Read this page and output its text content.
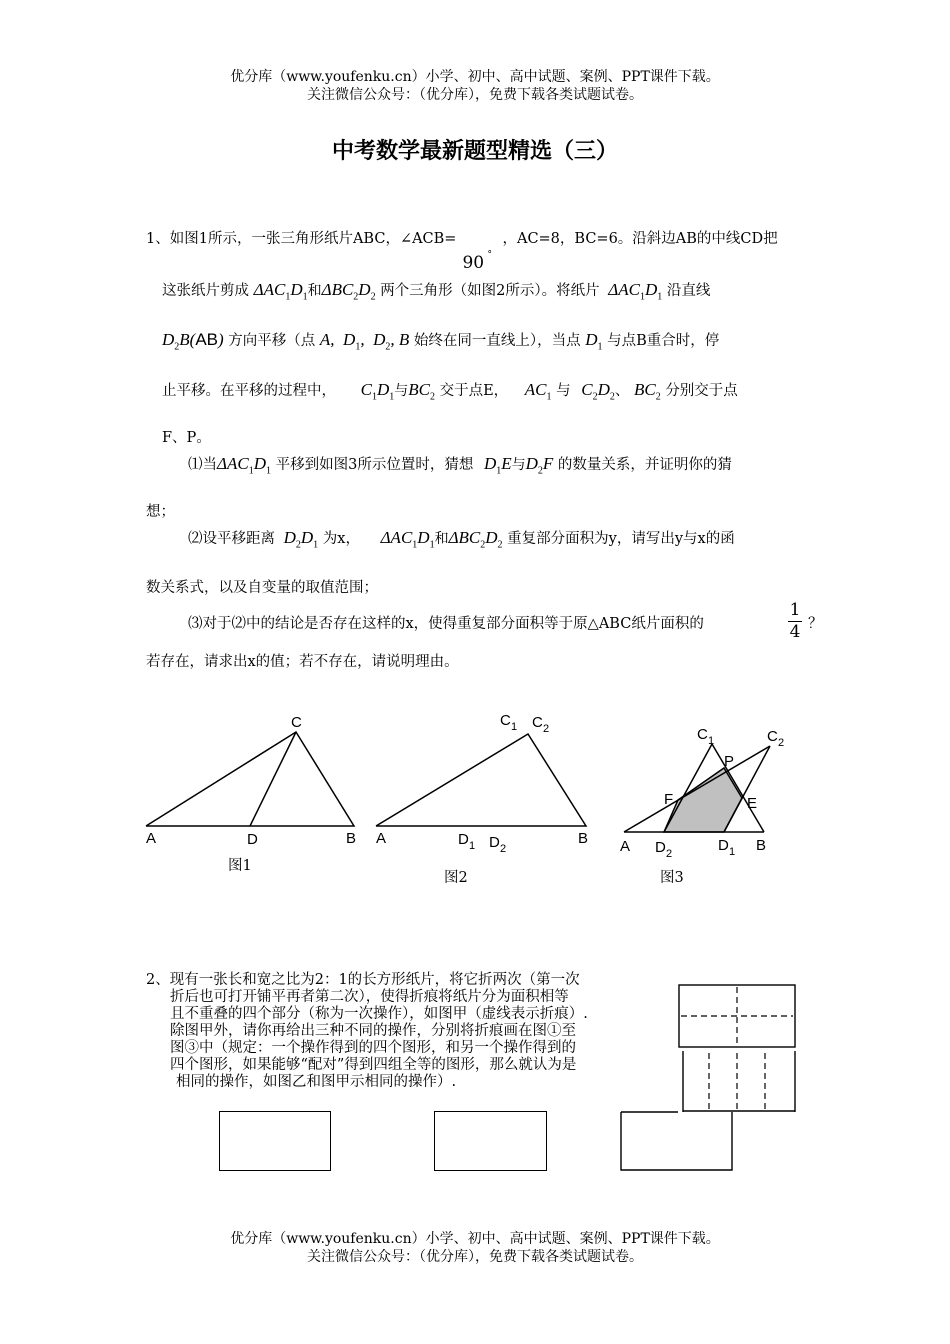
优分库（www.youfenku.cn）小学、初中、高中试题、案例、PPT课件下载。
关注微信公众号：（优分库），免费下载各类试题试卷。
中考数学最新题型精选（三）
1、如图1所示，一张三角形纸片ABC，∠ACB=
90 °
，AC=8，BC=6。沿斜边AB的中线CD把
这张纸片剪成 $\Delta AC_1D_1$和$\Delta BC_2D_2$ 两个三角形（如图2所示）。将纸片 $\Delta AC_1D_1$ 沿直线
$D_2B(AB)$ 方向平移（点 A,  $D_1$,  $D_2$, B 始终在同一直线上），当点 $D_1$ 与点B重合时，停
止平移。在平移的过程中， $C_1D_1$与$BC_2$ 交于点E， $AC_1$ 与 $C_2D_2$、 $BC_2$ 分别交于点
F、P。
⑴当$\Delta AC_1D_1$ 平移到如图3所示位置时，猜想 $D_1E$与$D_2F$ 的数量关系，并证明你的猜
想；
⑵设平移距离 $D_2D_1$ 为x， $\Delta AC_1D_1$和$\Delta BC_2D_2$ 重复部分面积为y，请写出y与x的函
数关系式，以及自变量的取值范围；
⑶对于⑵中的结论是否存在这样的x，使得重复部分面积等于原△ABC纸片面积的
1
4 ？
若存在，请求出x的值；若不存在，请说明理由。
C
A	D	B
C 1 C 2
A	D 1 D 2
B
C 1	C 2
P
F	E
A D 2	D 1 B
图1
图2	图3
2、现有一张长和宽之比为2：1的长方形纸片，将它折两次（第一次
折后也可打开铺平再者第二次），使得折痕将纸片分为面积相等
且不重叠的四个部分（称为一次操作），如图甲（虚线表示折痕）.
除图甲外，请你再给出三种不同的操作，分别将折痕画在图①至
图③中（规定：一个操作得到的四个图形，和另一个操作得到的
四个图形，如果能够“配对”得到四组全等的图形，那么就认为是
相同的操作，如图乙和图甲示相同的操作）.
优分库（www.youfenku.cn）小学、初中、高中试题、案例、PPT课件下载。
关注微信公众号：（优分库），免费下载各类试题试卷。
